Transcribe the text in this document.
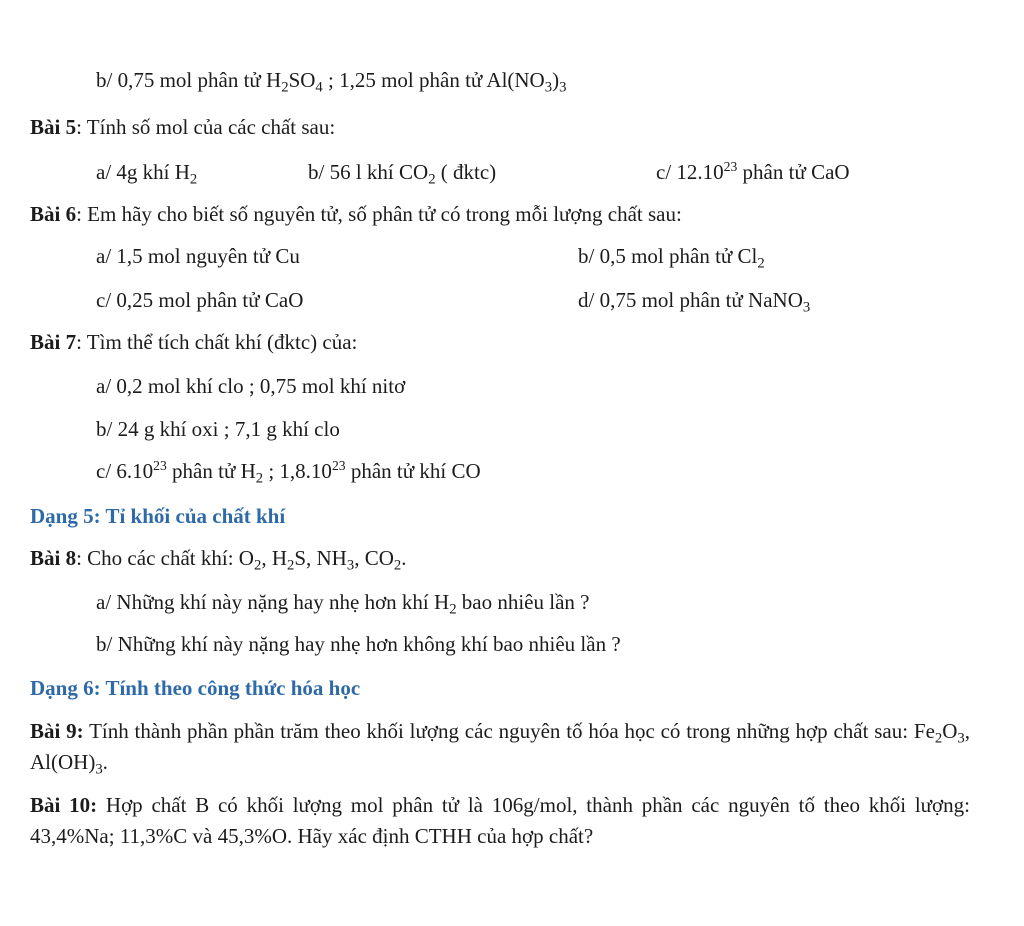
b/ 0,75 mol phân tử $H_2SO_4$ ; 1,25 mol phân tử $Al(NO_3)_3$
Bài 5: Tính số mol của các chất sau:
a/ 4g khí $H_2$	b/ 56 l khí $CO_2$ ( đktc)	c/ 12.10$^{23}$ phân tử CaO
Bài 6: Em hãy cho biết số nguyên tử, số phân tử có trong mỗi lượng chất sau:
a/ 1,5 mol nguyên tử Cu	b/ 0,5 mol phân tử $Cl_2$
c/ 0,25 mol phân tử CaO	d/ 0,75 mol phân tử NaNO$_3$
Bài 7: Tìm thể tích chất khí (đktc) của:
a/ 0,2 mol khí clo ; 0,75 mol khí nitơ
b/ 24 g khí oxi ; 7,1 g khí clo
c/ 6.10$^{23}$ phân tử $H_2$ ; 1,8.10$^{23}$ phân tử khí CO
Dạng 5: Tỉ khối của chất khí
Bài 8: Cho các chất khí: $O_2$, $H_2S$, $NH_3$, $CO_2$.
a/ Những khí này nặng hay nhẹ hơn khí $H_2$ bao nhiêu lần ?
b/ Những khí này nặng hay nhẹ hơn không khí bao nhiêu lần ?
Dạng 6: Tính theo công thức hóa học
Bài 9: Tính thành phần phần trăm theo khối lượng các nguyên tố hóa học có trong những hợp chất sau: $Fe_2O_3$, $Al(OH)_3$.
Bài 10: Hợp chất B có khối lượng mol phân tử là 106g/mol, thành phần các nguyên tố theo khối lượng: 43,4%Na; 11,3%C và 45,3%O. Hãy xác định CTHH của hợp chất?
